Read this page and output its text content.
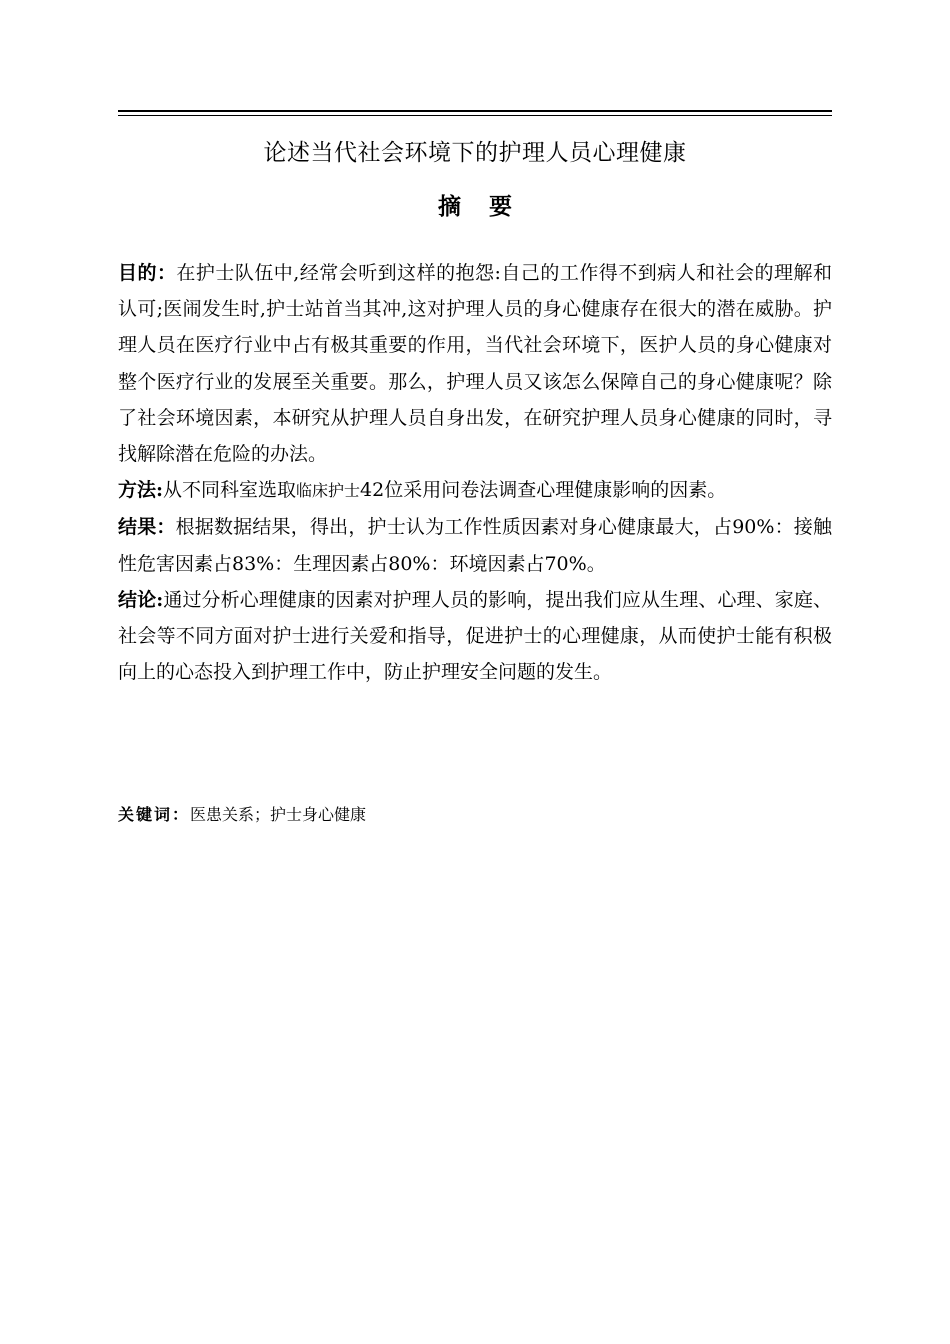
论述当代社会环境下的护理人员心理健康
摘要

目的：在护士队伍中,经常会听到这样的抱怨:自己的工作得不到病人和社会的理解和认可;医闹发生时,护士站首当其冲,这对护理人员的身心健康存在很大的潜在威胁。护理人员在医疗行业中占有极其重要的作用，当代社会环境下，医护人员的身心健康对整个医疗行业的发展至关重要。那么，护理人员又该怎么保障自己的身心健康呢？除了社会环境因素，本研究从护理人员自身出发，在研究护理人员身心健康的同时，寻找解除潜在危险的办法。

方法:从不同科室选取临床护士42位采用问卷法调查心理健康影响的因素。

结果：根据数据结果，得出，护士认为工作性质因素对身心健康最大，占90%：接触性危害因素占83%：生理因素占80%：环境因素占70%。

结论:通过分析心理健康的因素对护理人员的影响，提出我们应从生理、心理、家庭、社会等不同方面对护士进行关爱和指导，促进护士的心理健康，从而使护士能有积极向上的心态投入到护理工作中，防止护理安全问题的发生。

关键词：医患关系；护士身心健康
